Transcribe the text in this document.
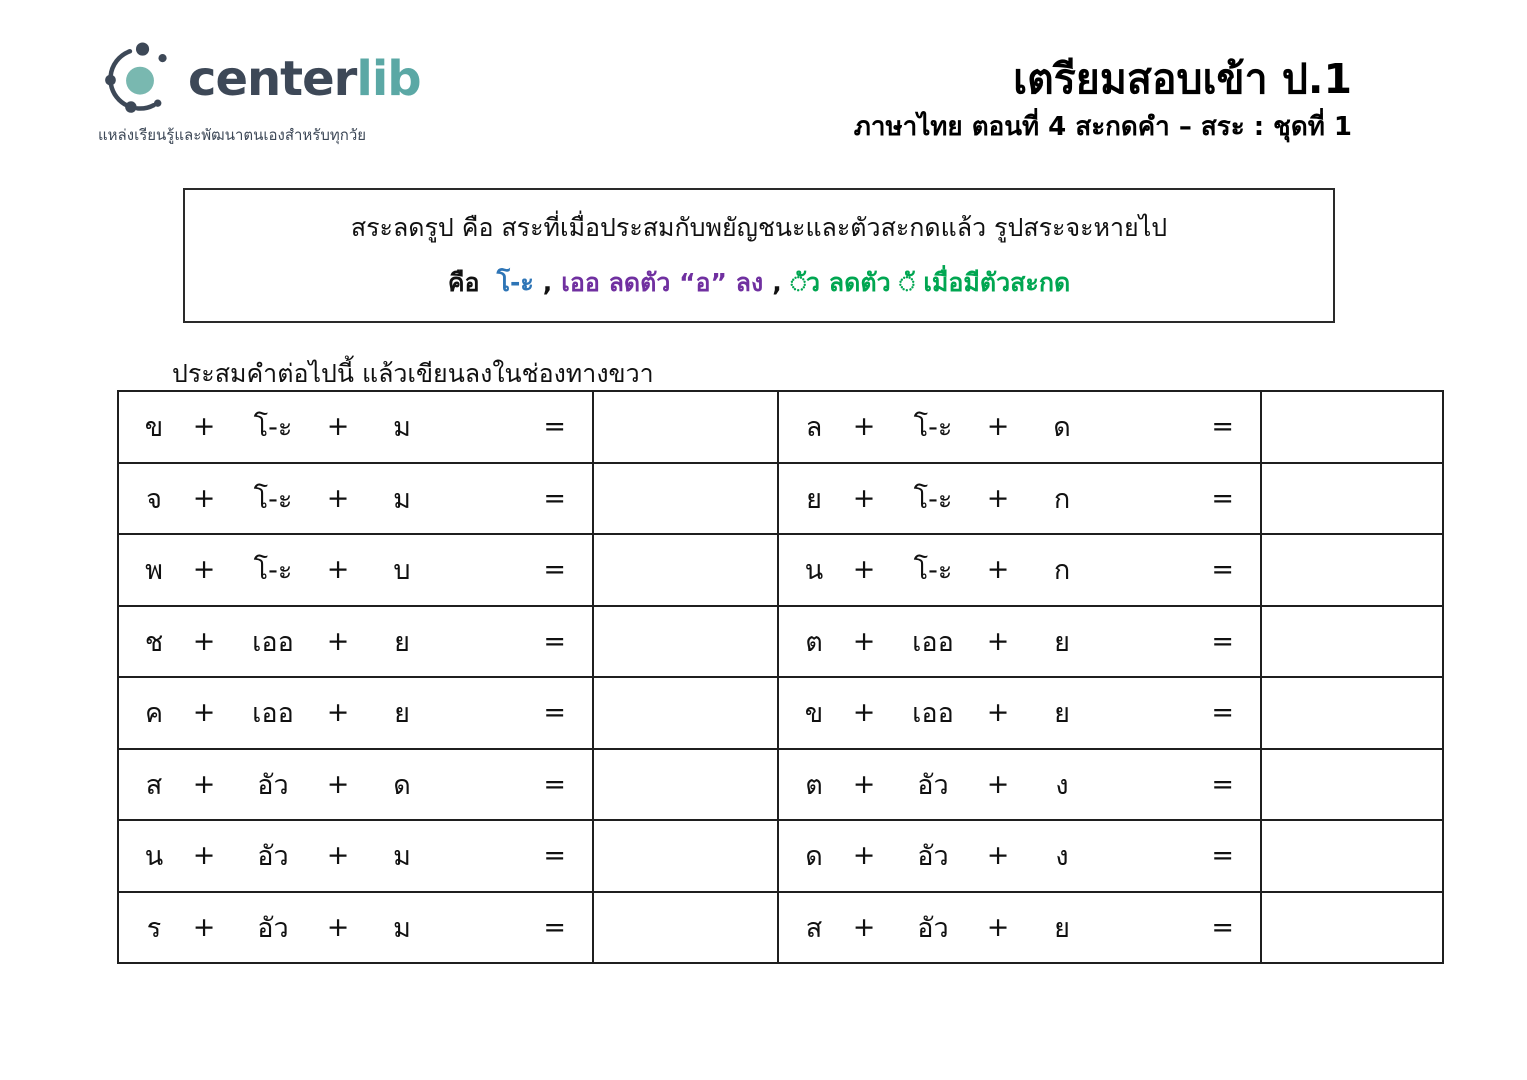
centerlib
แหล่งเรียนรู้และพัฒนาตนเองสำหรับทุกวัย
เตรียมสอบเข้า ป.1
ภาษาไทย ตอนที่ 4 สะกดคำ – สระ : ชุดที่ 1
สระลดรูป คือ สระที่เมื่อประสมกับพยัญชนะและตัวสะกดแล้ว รูปสระจะหายไป
คือ โ-ะ , เออ ลดตัว “อ” ลง , ◌ัว ลดตัว ◌ั เมื่อมีตัวสะกด
ประสมคำต่อไปนี้ แล้วเขียนลงในช่องทางขวา
ข	+	โ-ะ	+	ม	=	ล	+	โ-ะ	+	ด	=
จ	+	โ-ะ	+	ม	=	ย	+	โ-ะ	+	ก	=
พ	+	โ-ะ	+	บ	=	น	+	โ-ะ	+	ก	=
ช	+	เออ	+	ย	=	ต	+	เออ	+	ย	=
ค	+	เออ	+	ย	=	ข	+	เออ	+	ย	=
ส	+	อัว	+	ด	=	ต	+	อัว	+	ง	=
น	+	อัว	+	ม	=	ด	+	อัว	+	ง	=
ร	+	อัว	+	ม	=	ส	+	อัว	+	ย	=
